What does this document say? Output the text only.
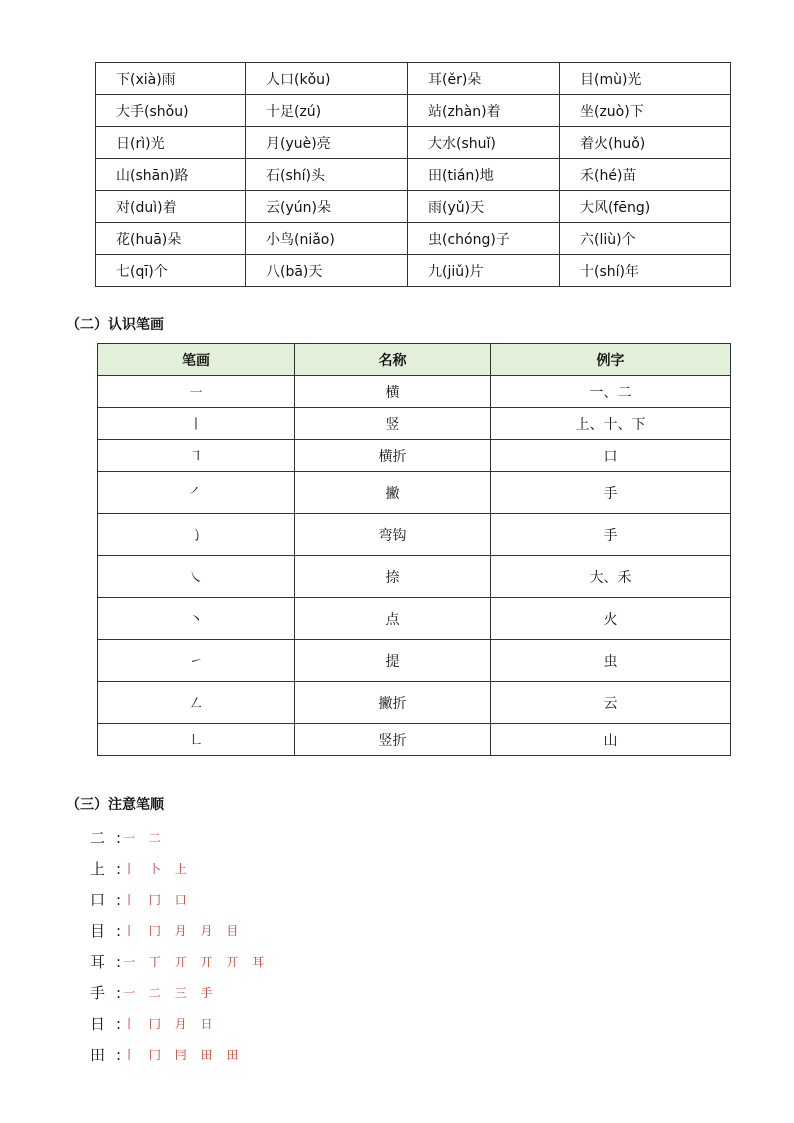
下(xià)雨	人口(kǒu)	耳(ěr)朵	目(mù)光
大手(shǒu)	十足(zú)	站(zhàn)着	坐(zuò)下
日(rì)光	月(yuè)亮	大水(shuǐ)	着火(huǒ)
山(shān)路	石(shí)头	田(tián)地	禾(hé)苗
对(duì)着	云(yún)朵	雨(yǔ)天	大风(fēng)
花(huā)朵	小鸟(niǎo)	虫(chóng)子	六(liù)个
七(qī)个	八(bā)天	九(jiǔ)片	十(shí)年
（二）认识笔画
笔画	名称	例字
㇐	横	一、二
㇑	竖	上、十、下
㇕	横折	口
㇒	撇	手
㇁	弯钩	手
㇏	捺	大、禾
㇔	点	火
㇀	提	虫
㇜	撇折	云
㇗	竖折	山
（三）注意笔顺
二 : 一 二
上 : 丨 卜 上
口 : 丨 冂 口
目 : 丨 冂 月 月 目
耳 : 一 丅 丌 丌 丌 耳
手 : 一 二 三 手
日 : 丨 冂 月 日
田 : 丨 冂 冃 田 田
